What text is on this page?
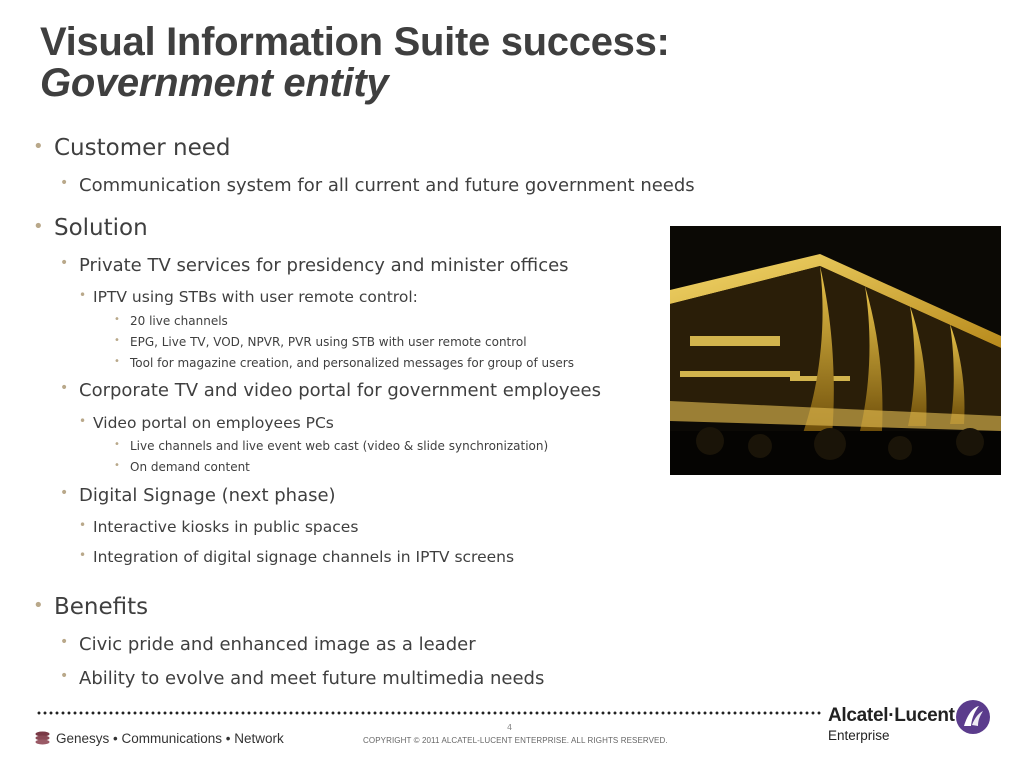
Visual Information Suite success:
Government entity
• Customer need
• Communication system for all current and future government needs
• Solution
• Private TV services for presidency and minister offices
• IPTV using STBs with user remote control:
• 20 live channels
• EPG, Live TV, VOD, NPVR, PVR using STB with user remote control
• Tool for magazine creation, and personalized messages for group of users
• Corporate TV and video portal for government employees
• Video portal on employees PCs
• Live channels and live event web cast (video & slide synchronization)
• On demand content
• Digital Signage (next phase)
• Interactive kiosks in public spaces
• Integration of digital signage channels in IPTV screens
• Benefits
• Civic pride and enhanced image as a leader
• Ability to evolve and meet future multimedia needs
4
COPYRIGHT © 2011 ALCATEL-LUCENT ENTERPRISE. ALL RIGHTS RESERVED.
Genesys • Communications • Network
Alcatel·Lucent
Enterprise
